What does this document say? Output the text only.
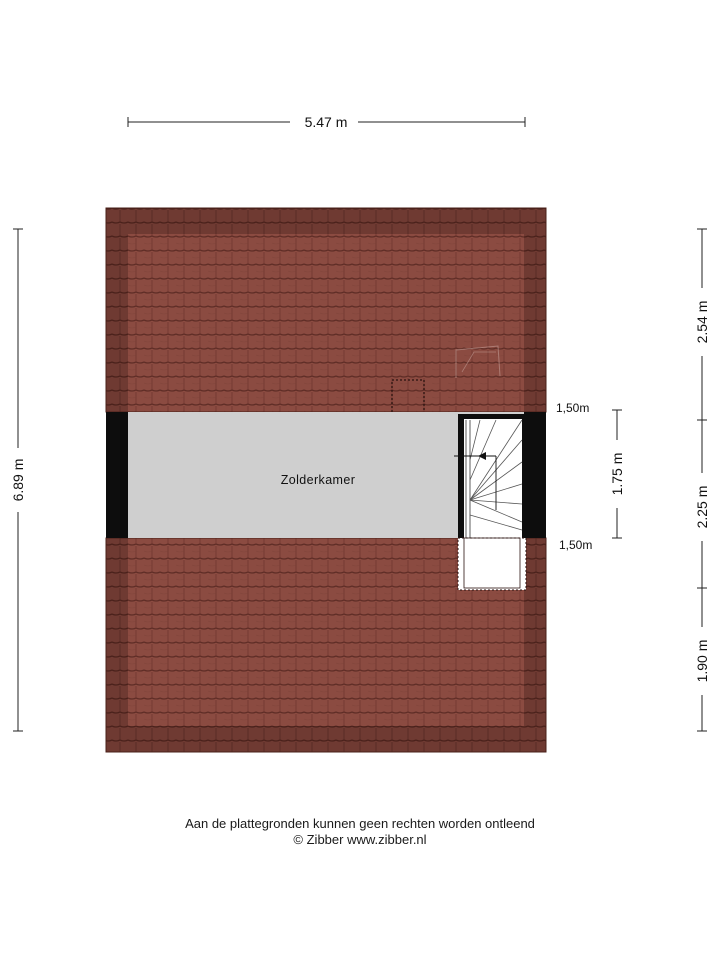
5.47 m
6.89 m
2.54 m
2.25 m
1.90 m
1.75 m
1,50m
1,50m
Zolderkamer
Aan de plattegronden kunnen geen rechten worden ontleend
© Zibber www.zibber.nl
